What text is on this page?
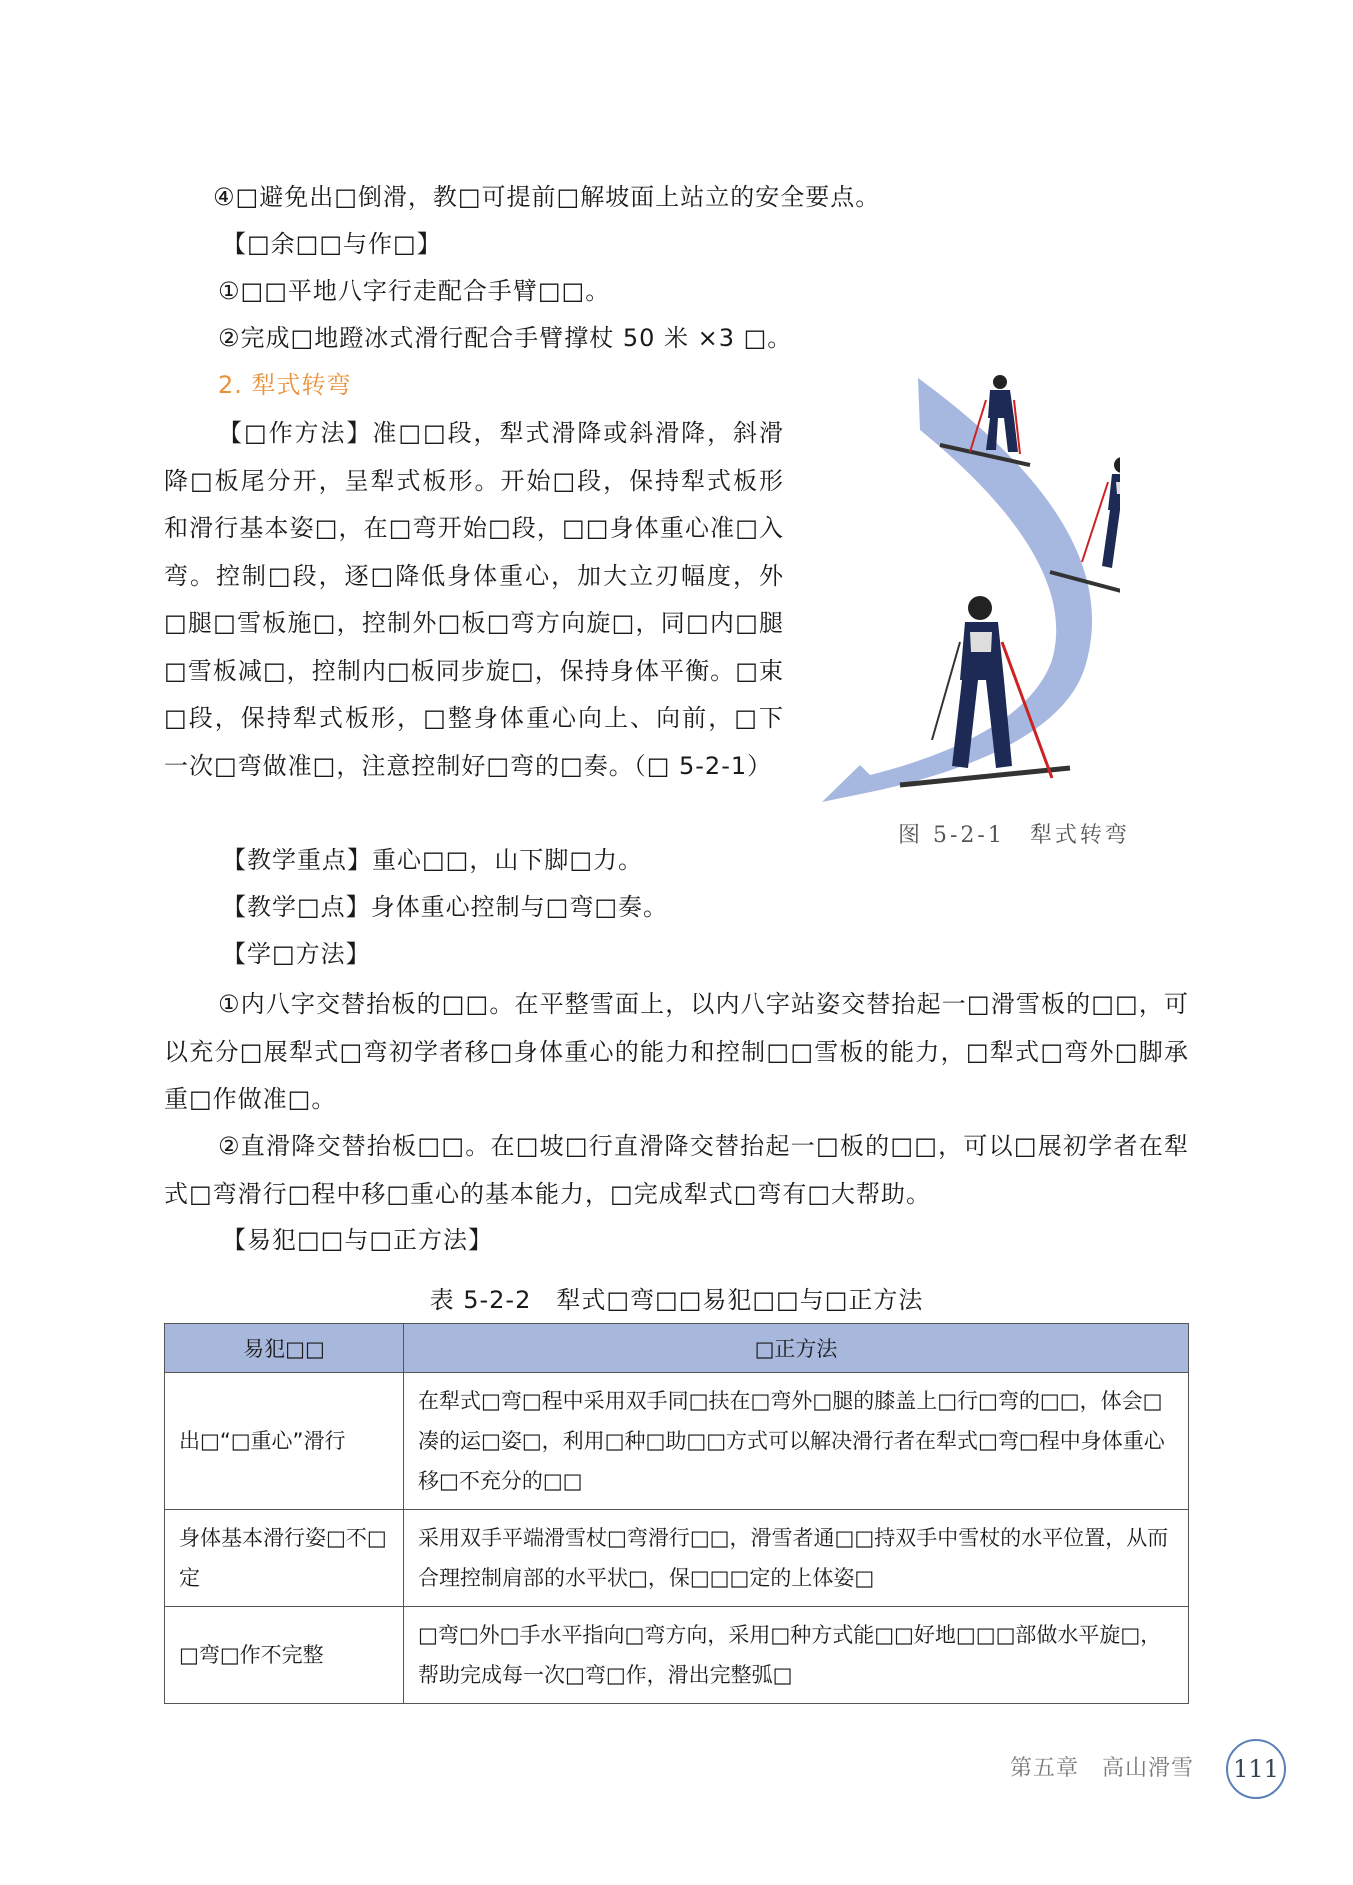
④□避免出□倒滑，教□可提前□解坡面上站立的安全要点。
【□余□□与作□】
①□□平地八字行走配合手臂□□。
②完成□地蹬冰式滑行配合手臂撑杖 50 米 ×3 □。
2. 犁式转弯

【□作方法】准□□段，犁式滑降或斜滑降，斜滑降□板尾分开，呈犁式板形。开始□段，保持犁式板形和滑行基本姿□，在□弯开始□段，□□身体重心准□入弯。控制□段，逐□降低身体重心，加大立刃幅度，外□腿□雪板施□，控制外□板□弯方向旋□，同□内□腿□雪板减□，控制内□板同步旋□，保持身体平衡。□束□段，保持犁式板形，□整身体重心向上、向前，□下一次□弯做准□，注意控制好□弯的□奏。（□ 5-2-1）

图 5-2-1　犁式转弯
【教学重点】重心□□，山下脚□力。
【教学□点】身体重心控制与□弯□奏。
【学□方法】

①内八字交替抬板的□□。在平整雪面上，以内八字站姿交替抬起一□滑雪板的□□，可以充分□展犁式□弯初学者移□身体重心的能力和控制□□雪板的能力，□犁式□弯外□脚承重□作做准□。

②直滑降交替抬板□□。在□坡□行直滑降交替抬起一□板的□□，可以□展初学者在犁式□弯滑行□程中移□重心的基本能力，□完成犁式□弯有□大帮助。

【易犯□□与□正方法】
表 5-2-2　犁式□弯□□易犯□□与□正方法
易犯□□	□正方法
出□“□重心”滑行	在犁式□弯□程中采用双手同□扶在□弯外□腿的膝盖上□行□弯的□□，体会□凑的运□姿□，利用□种□助□□方式可以解决滑行者在犁式□弯□程中身体重心移□不充分的□□
身体基本滑行姿□不□定	采用双手平端滑雪杖□弯滑行□□，滑雪者通□□持双手中雪杖的水平位置，从而合理控制肩部的水平状□，保□□□定的上体姿□
□弯□作不完整	□弯□外□手水平指向□弯方向，采用□种方式能□□好地□□□部做水平旋□，帮助完成每一次□弯□作，滑出完整弧□
第五章　高山滑雪 111
